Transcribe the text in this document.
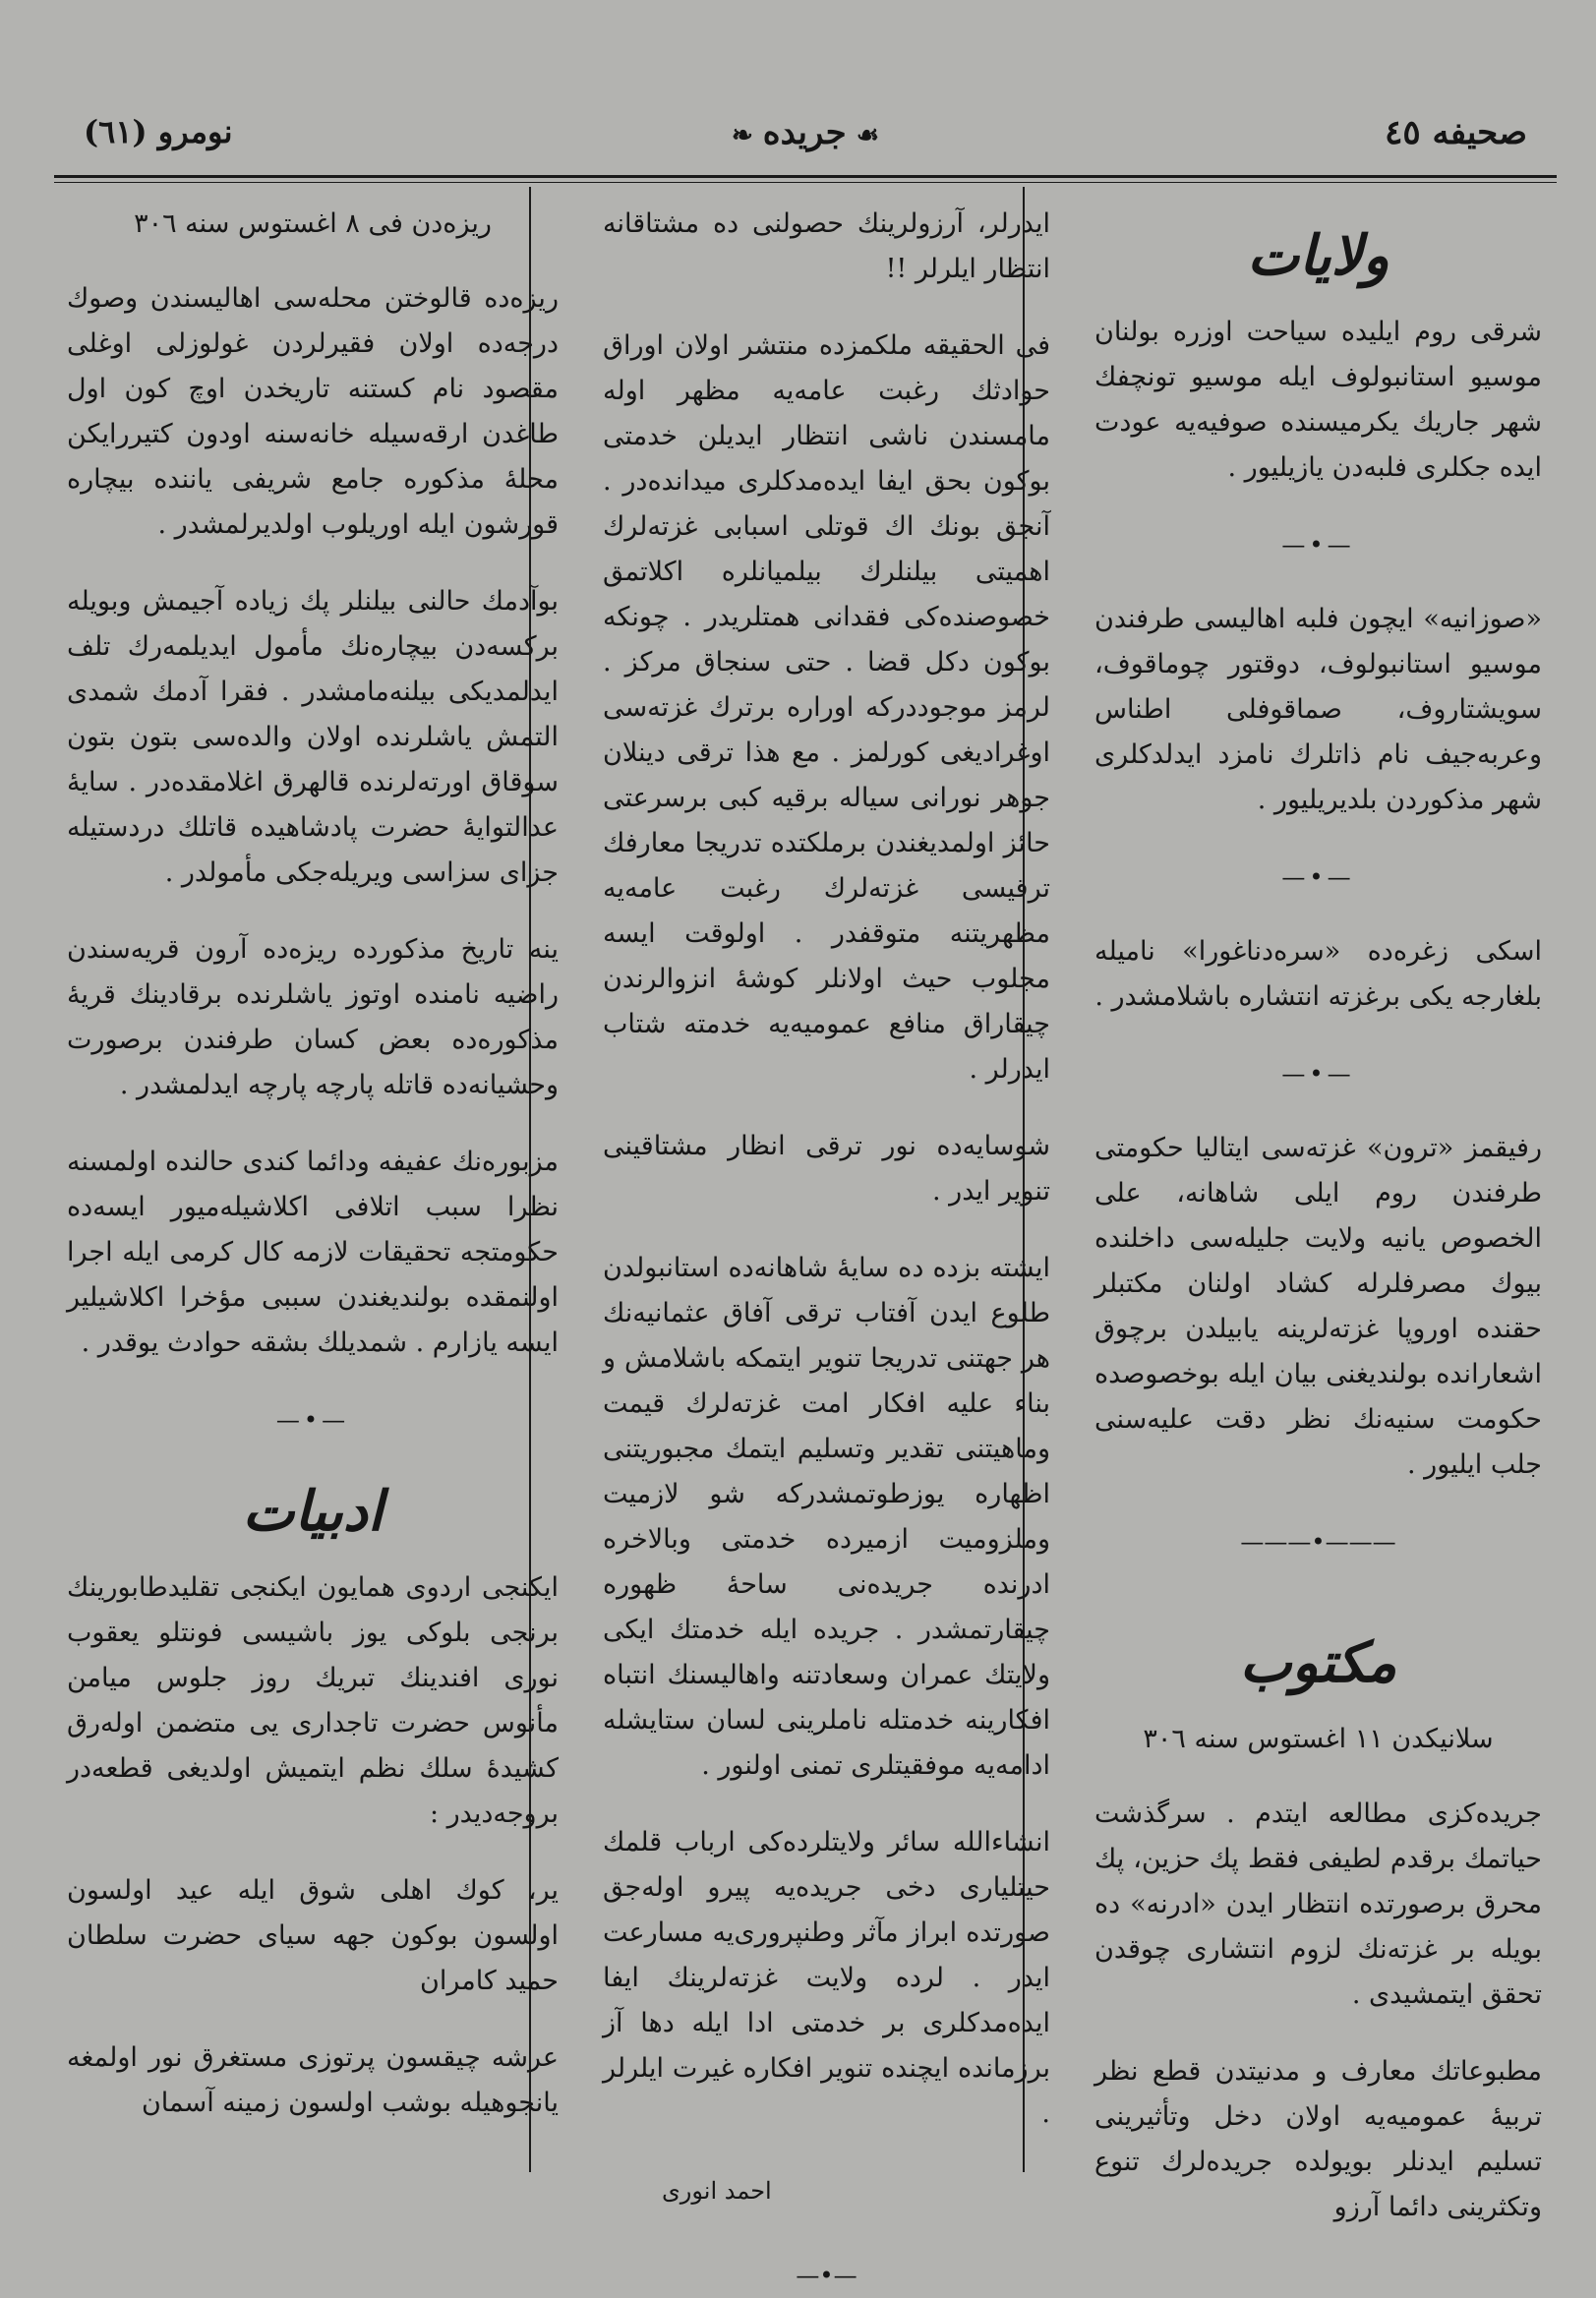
صحیفه ٤٥
☙جریده❧
نومرو (٦١)
ولایات

شرقی روم ایلیده سیاحت اوزره بولنان موسیو استانبولوف ایله موسیو تونچفك شهر جاریك یكرمیسنده صوفیه‌یه عودت ایده جكلری فلبه‌دن یازیلیور .

—•—

«صوزانیه» ایچون فلبه اهالیسی طرفندن موسیو استانبولوف، دوقتور چوماقوف، سویشتاروف، صماقوفلی اطناس وعربه‌جیف نام ذاتلرك نامزد ایدلدكلری شهر مذكوردن بلدیریلیور .

—•—

اسكی زغره‌ده «سره‌دناغورا» نامیله بلغارجه یكی برغزته انتشاره باشلامشدر .

—•—

رفیقمز «ترون» غزته‌سی ایتالیا حكومتی طرفندن روم ایلی شاهانه، علی الخصوص یانیه ولایت جلیله‌سی داخلنده بیوك مصرفلرله كشاد اولنان مكتبلر حقنده اوروپا غزته‌لرینه یابیلدن برچوق اشعارانده بولندیغنی بیان ایله بوخصوصده حكومت سنیه‌نك نظر دقت علیه‌سنی جلب ایلیور .

———•———
مكتوب
سلانیكدن ١١ اغستوس سنه ٣٠٦

جریده‌كزی مطالعه ایتدم . سرگذشت حیاتمك برقدم لطیفی فقط پك حزین، پك محرق برصورتده انتظار ایدن «ادرنه» ده بویله بر غزته‌نك لزوم انتشاری چوقدن تحقق ایتمشیدی .

مطبوعاتك معارف و مدنیتدن قطع نظر تربیهٔ عمومیه‌یه اولان دخل وتأثیرینی تسلیم ایدنلر بویولده جریده‌لرك تنوع وتكثرینی دائما آرزو

ایدرلر، آرزولرینك حصولنی ده مشتاقانه انتظار ایلرلر !!

فی الحقیقه ملكمزده منتشر اولان اوراق حوادثك رغبت عامه‌یه مظهر اوله مامسندن ناشی انتظار ایدیلن خدمتی بوكون بحق ایفا ایده‌مدكلری میدانده‌در . آنجق بونك اك قوتلی اسبابی غزته‌لرك اهمیتی بیلنلرك بیلمیانلره اكلاتمق خصوصنده‌كی فقدانی همتلریدر . چونكه بوكون دكل قضا . حتی سنجاق مركز . لرمز موجوددركه اوراره برترك غزته‌سی اوغرادیغی كورلمز . مع هذا ترقی دینلان جوهر نورانی سیاله برقیه كبی برسرعتی حائز اولمدیغندن برملكتده تدریجا معارفك ترقیسی غزته‌لرك رغبت عامه‌یه مظهریتنه متوقفدر . اولوقت ایسه مجلوب حیث اولانلر كوشهٔ انزوالرندن چیقاراق منافع عمومیه‌یه خدمته شتاب ایدرلر .

شوسایه‌ده نور ترقی انظار مشتاقینی تنویر ایدر .

ایشته بزده ده سایهٔ شاهانه‌ده استانبولدن طلوع ایدن آفتاب ترقی آفاق عثمانیه‌نك هر جهتنی تدریجا تنویر ایتمكه باشلامش و بناء علیه افكار امت غزته‌لرك قیمت وماهیتنی تقدیر وتسلیم ایتمك مجبوریتنی اظهاره یوزطوتمشدركه شو لازمیت وملزومیت ازمیرده خدمتی وبالاخره ادرنده جریده‌نی ساحهٔ ظهوره چیقارتمشدر . جریده ایله خدمتك ایكی ولایتك عمران وسعادتنه واهالیسنك انتباه افكارینه خدمتله ناملرینی لسان ستایشله ادامه‌یه موفقیتلری تمنی اولنور .

انشاءالله سائر ولایتلرده‌كی ارباب قلمك حیتلیاری دخی جریده‌یه پیرو اوله‌جق صورتده ابراز مآثر وطنپروری‌یه مسارعت ایدر . لرده ولایت غزته‌لرینك ایفا ایده‌مدكلری بر خدمتی ادا ایله دها آز برزمانده ایچنده تنویر افكاره غیرت ایلرلر .

احمد انوری
—•—
ریزه‌دن فی ٨ اغستوس سنه ٣٠٦

ریزه‌ده قالوختن محله‌سی اهالیسندن وصوك درجه‌ده اولان فقیرلردن غولوزلی اوغلی مقصود نام كستنه تاریخدن اوچ كون اول طاغدن ارقه‌سیله خانه‌سنه اودون كتیررایكن محلهٔ مذكوره جامع شریفی یاننده بیچاره قورشون ایله اوریلوب اولدیرلمشدر .

بوآدمك حالنی بیلنلر پك زیاده آجیمش وبویله بركسه‌دن بیچاره‌نك مأمول ایدیلمه‌رك تلف ایدلمدیكی بیلنه‌مامشدر . فقرا آدمك شمدی التمش یاشلرنده اولان والده‌سی بتون بتون سوقاق اورته‌لرنده قالهرق اغلامقده‌در . سایهٔ عدالتوایهٔ حضرت پادشاهیده قاتلك دردستیله جزای سزاسی ویریله‌جكی مأمولدر .

ینه تاریخ مذكورده ریزه‌ده آرون قریه‌سندن راضیه نامنده اوتوز یاشلرنده برقادینك قریهٔ مذكوره‌ده بعض كسان طرفندن برصورت وحشیانه‌ده قاتله پارچه پارچه ایدلمشدر .

مزبوره‌نك عفیفه ودائما كندی حالنده اولمسنه نظرا سبب اتلافی اكلاشیله‌میور ایسه‌ده حكومتجه تحقیقات لازمه كال كرمی ایله اجرا اولنمقده بولندیغندن سببی مؤخرا اكلاشیلیر ایسه یازارم . شمدیلك بشقه حوادث یوقدر .

—•—
ادبیات

ایكنجی اردوی همایون ایكنجی تقلیدطابورینك برنجی بلوكی یوز باشیسی فونتلو یعقوب نوری افندینك تبریك روز جلوس میامن مأنوس حضرت تاجداری یی متضمن اوله‌رق كشیدهٔ سلك نظم ایتمیش اولدیغی قطعه‌در بروجه‌دیدر :

یر، كوك اهلی شوق ایله عید اولسون اولسون بوكون جهه سیای حضرت سلطان حمید كامران

عرشه چیقسون پرتوزی مستغرق نور اولمغه یانجوهیله بوشب اولسون زمینه آسمان
